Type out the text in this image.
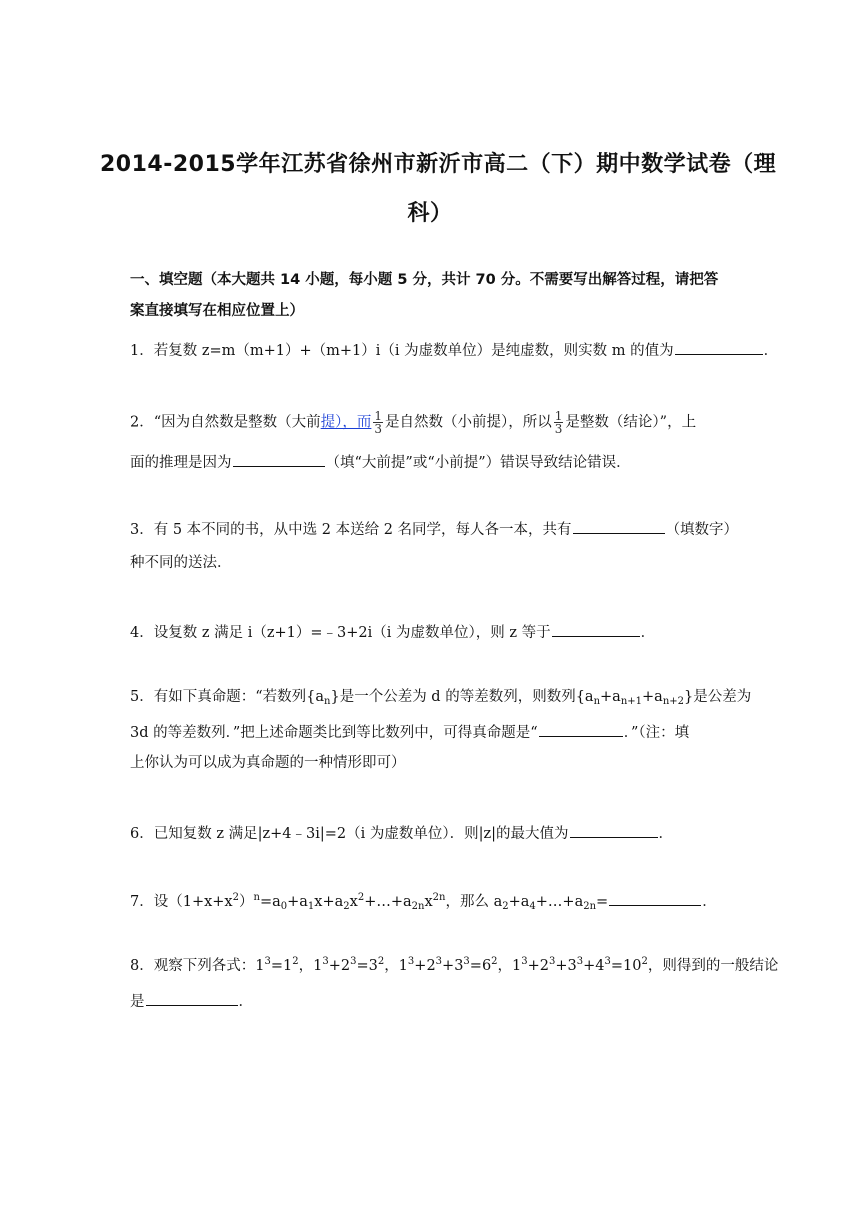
2014-2015学年江苏省徐州市新沂市高二（下）期中数学试卷（理
科）
一、填空题（本大题共 14 小题，每小题 5 分，共计 70 分。不需要写出解答过程，请把答
案直接填写在相应位置上）
1．若复数 z=m（m+1）+（m+1）i（i 为虚数单位）是纯虚数，则实数 m 的值为	．
2．“因为自然数是整数（大前提），而 $\frac{1}{3}$ 是自然数（小前提），所以 $\frac{1}{3}$ 是整数（结论）”，上
面的推理是因为	（填“大前提”或“小前提”）错误导致结论错误．
3．有 5 本不同的书，从中选 2 本送给 2 名同学，每人各一本，共有	（填数字）
种不同的送法．
4．设复数 z 满足 i（z+1）=﹣3+2i（i 为虚数单位），则 z 等于	．
5．有如下真命题：“若数列$\{a_n\}$是一个公差为 d 的等差数列，则数列$\{a_n+a_{n+1}+a_{n+2}\}$是公差为
3d 的等差数列．”把上述命题类比到等比数列中，可得真命题是“	．”（注：填
上你认为可以成为真命题的一种情形即可）
6．已知复数 z 满足|z+4﹣3i|=2（i 为虚数单位）．则|z|的最大值为	．
7．设$(1+x+x^2)^n=a_0+a_1x+a_2x^2+\dots+a_{2n}x^{2n}$，那么 $a_2+a_4+\dots+a_{2n}=$	．
8．观察下列各式：$1^3=1^2$，$1^3+2^3=3^2$，$1^3+2^3+3^3=6^2$，$1^3+2^3+3^3+4^3=10^2$，则得到的一般结论
是	．
